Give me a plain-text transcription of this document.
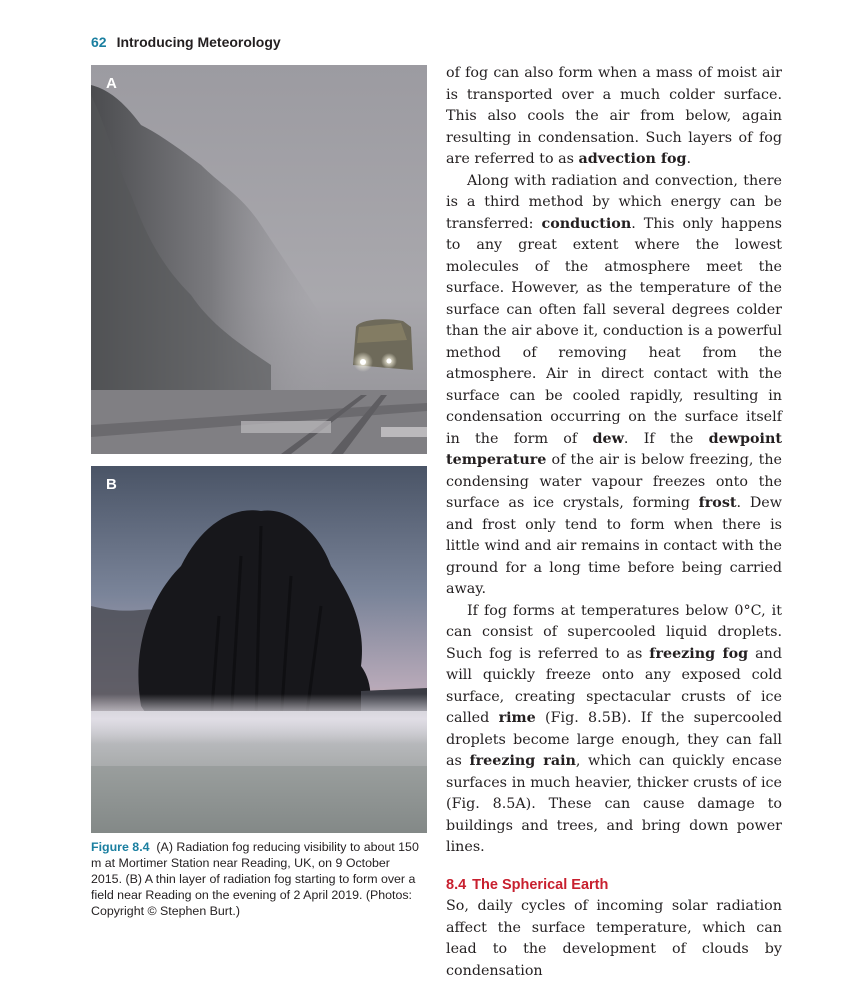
62 Introducing Meteorology
A
B

Figure 8.4 (A) Radiation fog reducing visibility to about 150 m at Mortimer Station near Reading, UK, on 9 October 2015. (B) A thin layer of radiation fog starting to form over a field near Reading on the evening of 2 April 2019. (Photos: Copyright © Stephen Burt.)

of fog can also form when a mass of moist air is transported over a much colder surface. This also cools the air from below, again resulting in condensation. Such layers of fog are referred to as advection fog.

Along with radiation and convection, there is a third method by which energy can be transferred: conduction. This only happens to any great extent where the lowest molecules of the atmosphere meet the surface. However, as the temperature of the surface can often fall several degrees colder than the air above it, conduction is a powerful method of removing heat from the atmosphere. Air in direct contact with the surface can be cooled rapidly, resulting in condensation occurring on the surface itself in the form of dew. If the dewpoint temperature of the air is below freezing, the condensing water vapour freezes onto the surface as ice crystals, forming frost. Dew and frost only tend to form when there is little wind and air remains in contact with the ground for a long time before being carried away.

If fog forms at temperatures below 0°C, it can consist of supercooled liquid droplets. Such fog is referred to as freezing fog and will quickly freeze onto any exposed cold surface, creating spectacular crusts of ice called rime (Fig. 8.5B). If the supercooled droplets become large enough, they can fall as freezing rain, which can quickly encase surfaces in much heavier, thicker crusts of ice (Fig. 8.5A). These can cause damage to buildings and trees, and bring down power lines.

8.4 The Spherical Earth

So, daily cycles of incoming solar radiation affect the surface temperature, which can lead to the development of clouds by condensation
